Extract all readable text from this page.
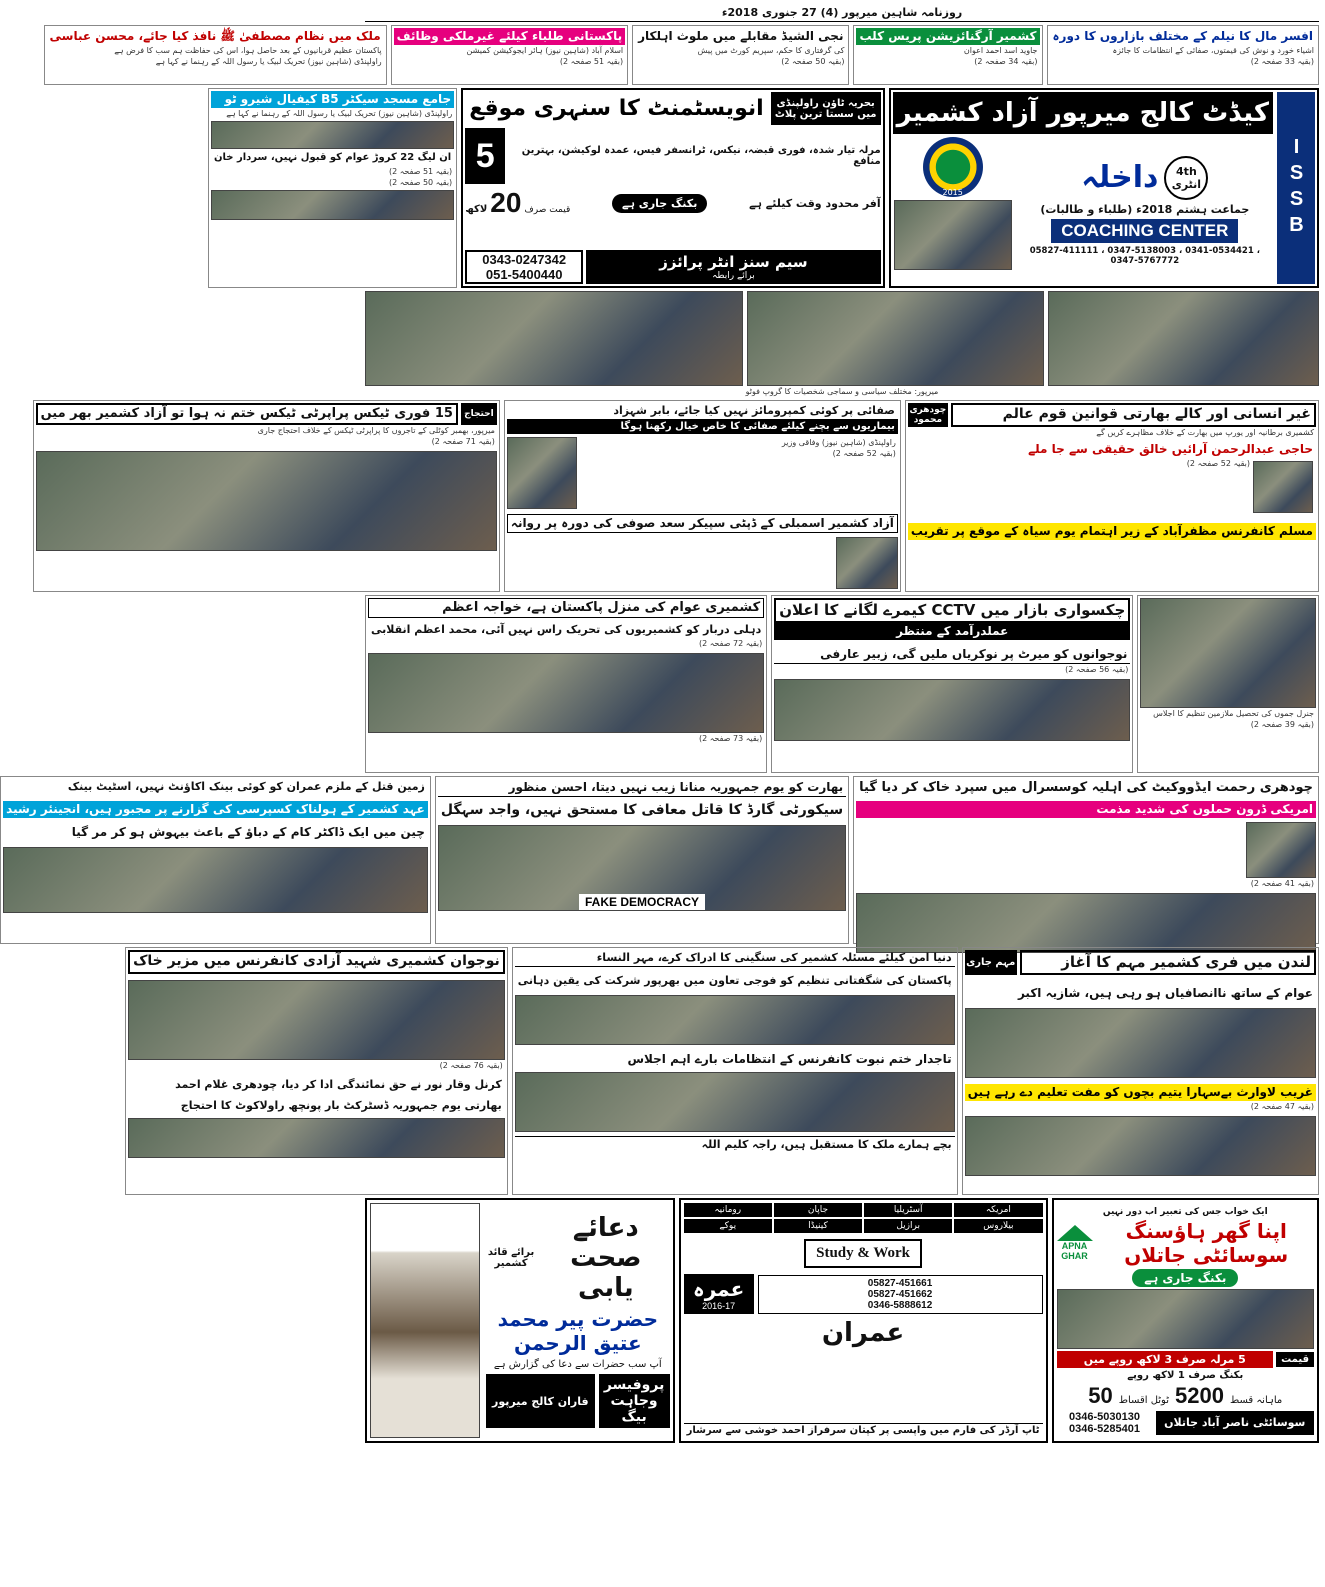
روزنامہ شاہین میرپور (4) 27 جنوری 2018ء
افسر مال کا نیلم کے مختلف بازاروں کا دورہ
اشیاء خورد و نوش کی قیمتوں، صفائی کے انتظامات کا جائزہ
(بقیہ 33 صفحہ 2)
کشمیر آرگنائزیشن پریس کلب
جاوید اسد احمد اعوان
(بقیہ 34 صفحہ 2)
نجی الشیڈ مقابلے میں ملوث اہلکار
کی گرفتاری کا حکم، سپریم کورٹ میں پیش
(بقیہ 50 صفحہ 2)
پاکستانی طلباء کیلئے غیرملکی وظائف
اسلام آباد (شاہین نیوز) ہائر ایجوکیشن کمیشن
(بقیہ 51 صفحہ 2)
ملک میں نظام مصطفیٰ ﷺ نافذ کیا جائے، محسن عباسی
پاکستان عظیم قربانیوں کے بعد حاصل ہوا، اس کی حفاظت ہم سب کا فرض ہے
راولپنڈی (شاہین نیوز) تحریک لبیک یا رسول اللہ کے رہنما نے کہا ہے
ISSB
کیڈٹ کالج میرپور آزاد کشمیر
4th انٹری
داخلہ
جماعت ہشتم 2018ء (طلباء و طالبات)
COACHING CENTER
05827-411111 ، 0347-5138003 ، 0341-0534421 ، 0347-5767772
2015
بحریہ ٹاؤن راولپنڈی میں سستا ترین پلاٹ
انویسٹمنٹ کا سنہری موقع
مرلہ تیار شدہ، فوری قبضہ، نیکس، ٹرانسفر فیس، عمدہ لوکیشن، بہترین منافع
5
آفر محدود وقت کیلئے ہے
بکنگ جاری ہے
قیمت صرف
20
لاکھ
سیم سنز انٹر پرائزز
برائے رابطہ
0343-0247342
051-5400440
جامع مسجد سیکٹر B5 کیفیال شیرو ٹو
راولپنڈی (شاہین نیوز) تحریک لبیک یا رسول اللہ کے رہنما نے کہا ہے
ان لیگ 22 کروڑ عوام کو قبول نہیں، سردار خان
(بقیہ 51 صفحہ 2)
(بقیہ 50 صفحہ 2)
میرپور: مختلف سیاسی و سماجی شخصیات کا گروپ فوٹو
غیر انسانی اور کالے بھارتی قوانین قوم عالم
چودھری محمود
کشمیری برطانیہ اور یورپ میں بھارت کے خلاف مظاہرے کریں گے
حاجی عبدالرحمن آرائیں خالق حقیقی سے جا ملے
(بقیہ 52 صفحہ 2)
مسلم کانفرنس مظفرآباد کے زیر اہتمام یوم سیاہ کے موقع پر تقریب
صفائی پر کوئی کمپرومائز نہیں کیا جائے، بابر شہزاد
بیماریوں سے بچنے کیلئے صفائی کا خاص خیال رکھنا ہوگا
راولپنڈی (شاہین نیوز) وفاقی وزیر
(بقیہ 52 صفحہ 2)
آزاد کشمیر اسمبلی کے ڈپٹی سپیکر سعد صوفی کی دورہ پر روانہ
احتجاج
15 فوری ٹیکس پراپرٹی ٹیکس ختم نہ ہوا تو آزاد کشمیر بھر میں
میرپور، بھمبر کوٹلی کے تاجروں کا پراپرٹی ٹیکس کے خلاف احتجاج جاری
(بقیہ 71 صفحہ 2)
جنرل جموں کی تحصیل ملازمین تنظیم کا اجلاس
(بقیہ 39 صفحہ 2)
چکسواری بازار میں CCTV کیمرے لگانے کا اعلان
عملدرآمد کے منتظر
نوجوانوں کو میرٹ پر نوکریاں ملیں گی، زبیر عارفی
(بقیہ 56 صفحہ 2)
کشمیری عوام کی منزل پاکستان ہے، خواجہ اعظم
دہلی دربار کو کشمیریوں کی تحریک راس نہیں آئی، محمد اعظم انقلابی
(بقیہ 72 صفحہ 2)
(بقیہ 73 صفحہ 2)
چودھری رحمت ایڈووکیٹ کی اہلیہ کوسسرال میں سپرد خاک کر دیا گیا
امریکی ڈرون حملوں کی شدید مذمت
(بقیہ 41 صفحہ 2)
بھارت کو یوم جمہوریہ منانا زیب نہیں دیتا، احسن منظور
سیکورٹی گارڈ کا قاتل معافی کا مستحق نہیں، واجد سہگل
FAKE DEMOCRACY
زمین قتل کے ملزم عمران کو کوئی بینک اکاؤنٹ نہیں، اسٹیٹ بینک
عہد کشمیر کے ہولناک کسپرسی کی گزارنے پر مجبور ہیں، انجینئر رشید
چین میں ایک ڈاکٹر کام کے دباؤ کے باعث بیہوش ہو کر مر گیا
لندن میں فری کشمیر مہم کا آغاز
مہم جاری
عوام کے ساتھ ناانصافیاں ہو رہی ہیں، شازیہ اکبر
غریب لاوارث بےسہارا یتیم بچوں کو مفت تعلیم دے رہے ہیں
(بقیہ 47 صفحہ 2)
دنیا امن کیلئے مسئلہ کشمیر کی سنگینی کا ادراک کرے، مہر النساء
پاکستان کی شگفتانی تنظیم کو فوجی تعاون میں بھرپور شرکت کی یقین دہانی
تاجدار ختم نبوت کانفرنس کے انتظامات بارے اہم اجلاس
بچے ہمارے ملک کا مستقبل ہیں، راجہ کلیم اللہ
نوجوان کشمیری شہید آزادی کانفرنس میں مزیر خاک
(بقیہ 76 صفحہ 2)
کرنل وقار نور نے حق نمائندگی ادا کر دیا، چودھری غلام احمد
بھارتی یوم جمہوریہ ڈسٹرکٹ بار پونچھ راولاکوٹ کا احتجاج
ایک خواب جس کی تعبیر اب دور نہیں
اپنا گھر ہاؤسنگ سوسائٹی جاتلاں
APNA GHAR
بکنگ جاری ہے
قیمت
5 مرلہ صرف 3 لاکھ روپے میں
بکنگ صرف 1 لاکھ روپے
ماہانہ قسط
5200
ٹوٹل اقساط
50
سوسائٹی ناصر آباد جاتلاں
0346-5030130
0346-5285401
امریکہ
آسٹریلیا
جاپان
رومانیہ
بیلاروس
برازیل
کینیڈا
یوکے
Study & Work
05827-451661
05827-451662
0346-5888612
عمرہ
2016-17
عمران
ٹاپ آرڈر کی فارم میں واپسی پر کپتان سرفراز احمد خوشی سے سرشار
دعائے صحت یابی
برائے قائد کشمیر
حضرت پیر محمد عتیق الرحمن
آپ سب حضرات سے دعا کی گزارش ہے
پروفیسر وجاہت بیگ
فاران کالج میرپور
